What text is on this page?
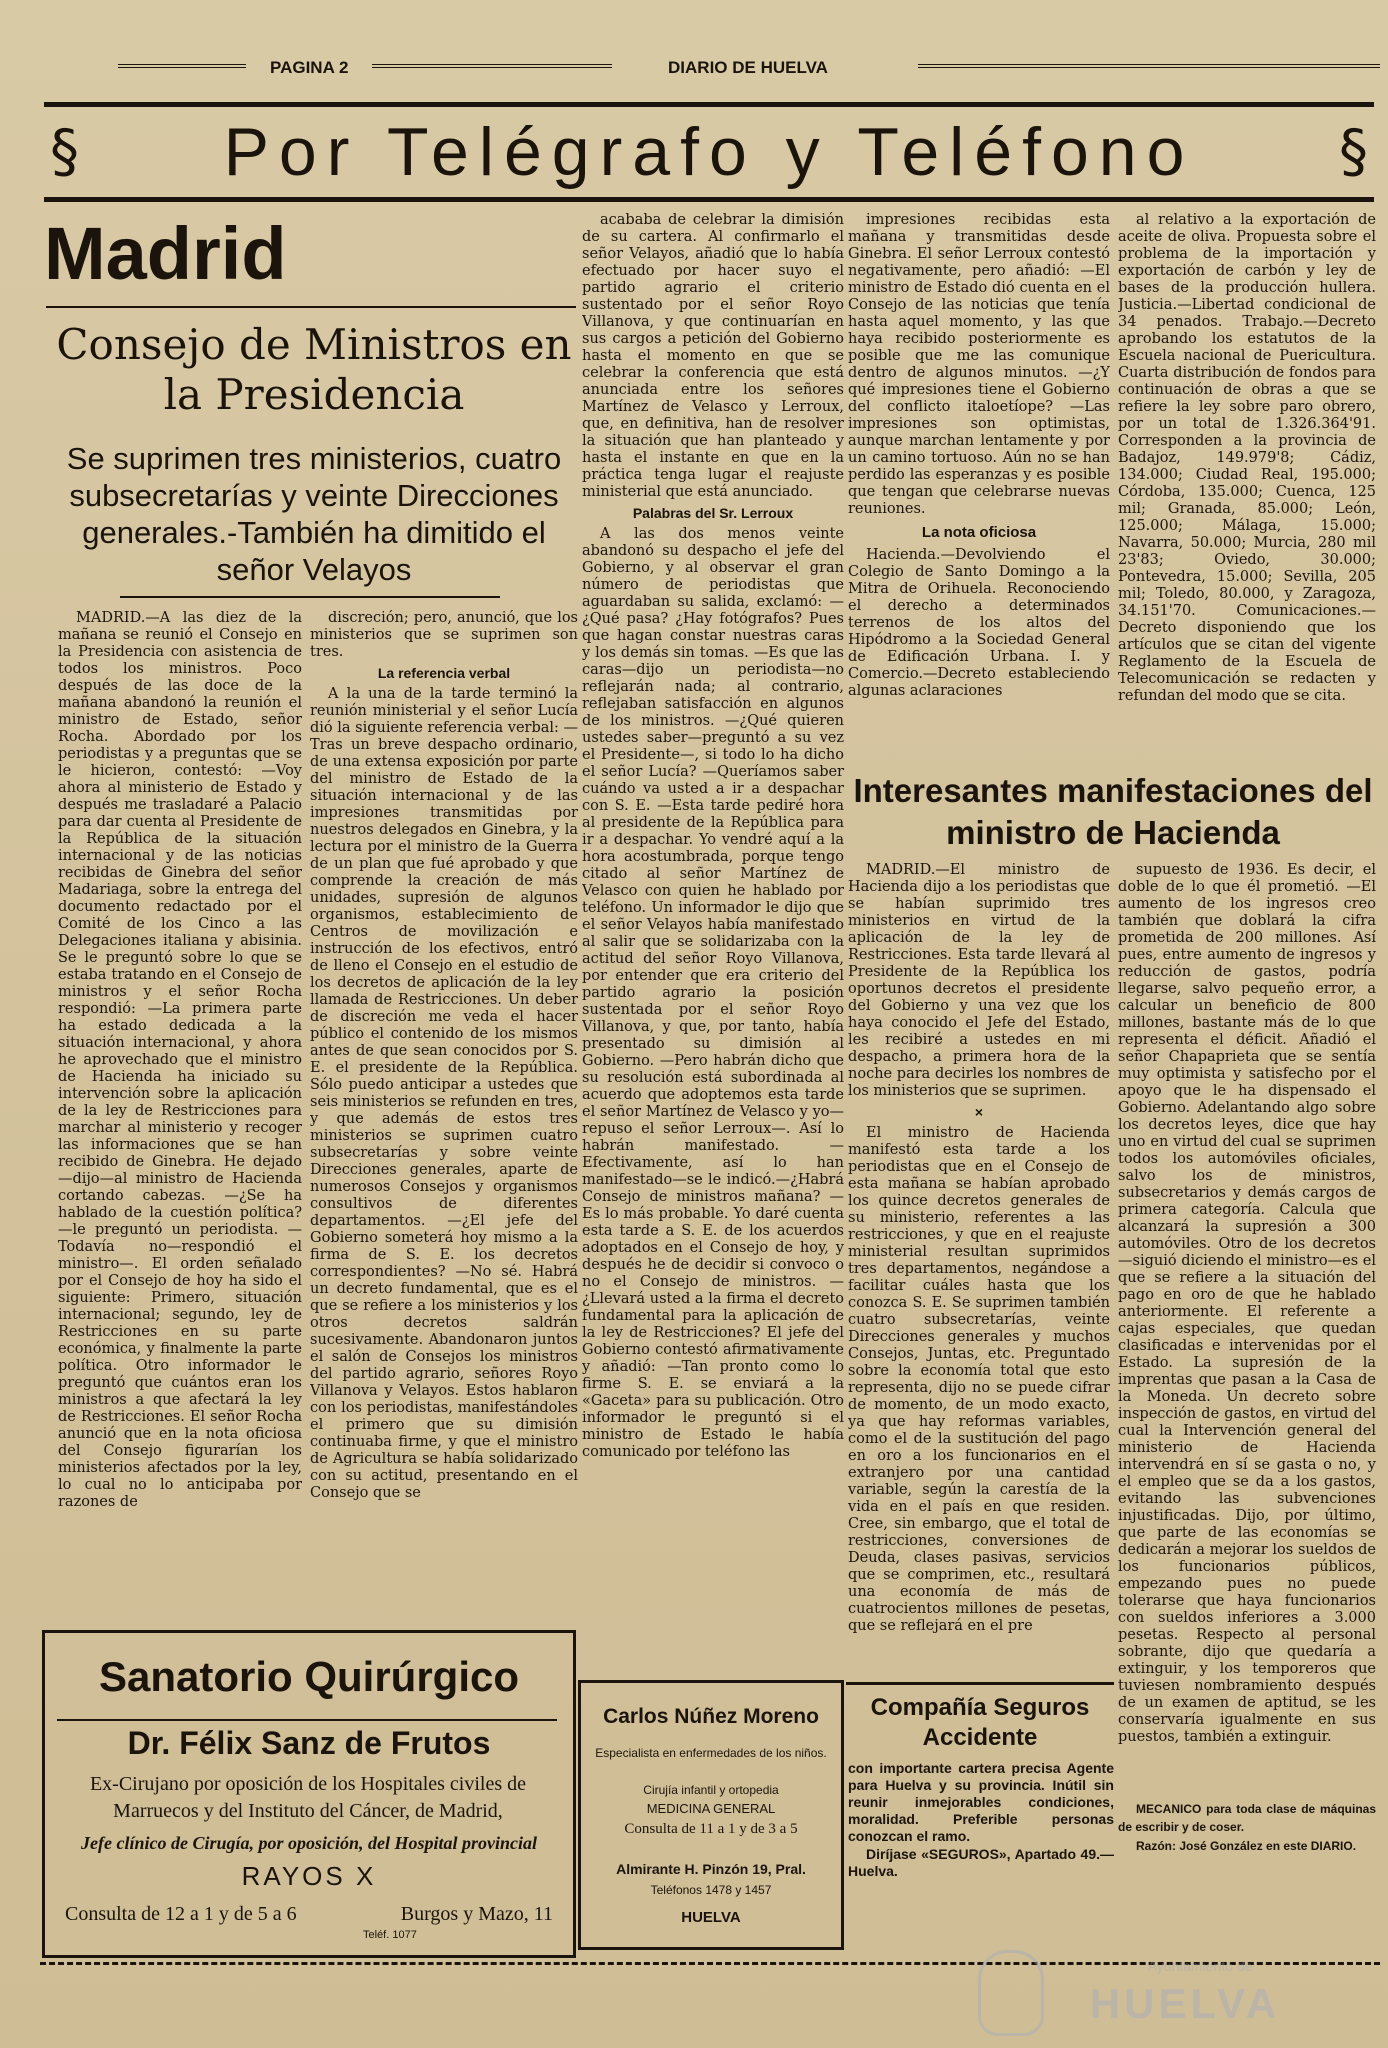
PAGINA 2	DIARIO DE HUELVA
§	Por Telégrafo y Teléfono	§
Madrid
Consejo de Ministros en la Presidencia
Se suprimen tres ministerios, cuatro subsecretarías y veinte Direcciones generales.-También ha dimitido el señor Velayos

MADRID.—A las diez de la mañana se reunió el Consejo en la Presidencia con asistencia de todos los ministros. Poco después de las doce de la mañana abandonó la reunión el ministro de Estado, señor Rocha. Abordado por los periodistas y a preguntas que se le hicieron, contestó: —Voy ahora al ministerio de Estado y después me trasladaré a Palacio para dar cuenta al Presidente de la República de la situación internacional y de las noticias recibidas de Ginebra del señor Madariaga, sobre la entrega del documento redactado por el Comité de los Cinco a las Delegaciones italiana y abisinia. Se le preguntó sobre lo que se estaba tratando en el Consejo de ministros y el señor Rocha respondió: —La primera parte ha estado dedicada a la situación internacional, y ahora he aprovechado que el ministro de Hacienda ha iniciado su intervención sobre la aplicación de la ley de Restricciones para marchar al ministerio y recoger las informaciones que se han recibido de Ginebra. He dejado—dijo—al ministro de Hacienda cortando cabezas. —¿Se ha hablado de la cuestión política?—le preguntó un periodista. —Todavía no—respondió el ministro—. El orden señalado por el Consejo de hoy ha sido el siguiente: Primero, situación internacional; segundo, ley de Restricciones en su parte económica, y finalmente la parte política. Otro informador le preguntó que cuántos eran los ministros a que afectará la ley de Restricciones. El señor Rocha anunció que en la nota oficiosa del Consejo figurarían los ministerios afectados por la ley, lo cual no lo anticipaba por razones de

discreción; pero, anunció, que los ministerios que se suprimen son tres.

La referencia verbal

A la una de la tarde terminó la reunión ministerial y el señor Lucía dió la siguiente referencia verbal: —Tras un breve despacho ordinario, de una extensa exposición por parte del ministro de Estado de la situación internacional y de las impresiones transmitidas por nuestros delegados en Ginebra, y la lectura por el ministro de la Guerra de un plan que fué aprobado y que comprende la creación de más unidades, supresión de algunos organismos, establecimiento de Centros de movilización e instrucción de los efectivos, entró de lleno el Consejo en el estudio de los decretos de aplicación de la ley llamada de Restricciones. Un deber de discreción me veda el hacer público el contenido de los mismos antes de que sean conocidos por S. E. el presidente de la República. Sólo puedo anticipar a ustedes que seis ministerios se refunden en tres, y que además de estos tres ministerios se suprimen cuatro subsecretarías y sobre veinte Direcciones generales, aparte de numerosos Consejos y organismos consultivos de diferentes departamentos. —¿El jefe del Gobierno someterá hoy mismo a la firma de S. E. los decretos correspondientes? —No sé. Habrá un decreto fundamental, que es el que se refiere a los ministerios y los otros decretos saldrán sucesivamente. Abandonaron juntos el salón de Consejos los ministros del partido agrario, señores Royo Villanova y Velayos. Estos hablaron con los periodistas, manifestándoles el primero que su dimisión continuaba firme, y que el ministro de Agricultura se había solidarizado con su actitud, presentando en el Consejo que se

acababa de celebrar la dimisión de su cartera. Al confirmarlo el señor Velayos, añadió que lo había efectuado por hacer suyo el partido agrario el criterio sustentado por el señor Royo Villanova, y que continuarían en sus cargos a petición del Gobierno hasta el momento en que se celebrar la conferencia que está anunciada entre los señores Martínez de Velasco y Lerroux, que, en definitiva, han de resolver la situación que han planteado y hasta el instante en que en la práctica tenga lugar el reajuste ministerial que está anunciado.

Palabras del Sr. Lerroux

A las dos menos veinte abandonó su despacho el jefe del Gobierno, y al observar el gran número de periodistas que aguardaban su salida, exclamó: —¿Qué pasa? ¿Hay fotógrafos? Pues que hagan constar nuestras caras y los demás sin tomas. —Es que las caras—dijo un periodista—no reflejarán nada; al contrario, reflejaban satisfacción en algunos de los ministros. —¿Qué quieren ustedes saber—preguntó a su vez el Presidente—, si todo lo ha dicho el señor Lucía? —Queríamos saber cuándo va usted a ir a despachar con S. E. —Esta tarde pediré hora al presidente de la República para ir a despachar. Yo vendré aquí a la hora acostumbrada, porque tengo citado al señor Martínez de Velasco con quien he hablado por teléfono. Un informador le dijo que el señor Velayos había manifestado al salir que se solidarizaba con la actitud del señor Royo Villanova, por entender que era criterio del partido agrario la posición sustentada por el señor Royo Villanova, y que, por tanto, había presentado su dimisión al Gobierno. —Pero habrán dicho que su resolución está subordinada al acuerdo que adoptemos esta tarde el señor Martínez de Velasco y yo—repuso el señor Lerroux—. Así lo habrán manifestado. —Efectivamente, así lo han manifestado—se le indicó.—¿Habrá Consejo de ministros mañana? —Es lo más probable. Yo daré cuenta esta tarde a S. E. de los acuerdos adoptados en el Consejo de hoy, y después he de decidir si convoco o no el Consejo de ministros. —¿Llevará usted a la firma el decreto fundamental para la aplicación de la ley de Restricciones? El jefe del Gobierno contestó afirmativamente y añadió: —Tan pronto como lo firme S. E. se enviará a la «Gaceta» para su publicación. Otro informador le preguntó si el ministro de Estado le había comunicado por teléfono las

impresiones recibidas esta mañana y transmitidas desde Ginebra. El señor Lerroux contestó negativamente, pero añadió: —El ministro de Estado dió cuenta en el Consejo de las noticias que tenía hasta aquel momento, y las que haya recibido posteriormente es posible que me las comunique dentro de algunos minutos. —¿Y qué impresiones tiene el Gobierno del conflicto italoetíope? —Las impresiones son optimistas, aunque marchan lentamente y por un camino tortuoso. Aún no se han perdido las esperanzas y es posible que tengan que celebrarse nuevas reuniones.

La nota oficiosa

Hacienda.—Devolviendo el Colegio de Santo Domingo a la Mitra de Orihuela. Reconociendo el derecho a determinados terrenos de los altos del Hipódromo a la Sociedad General de Edificación Urbana. I. y Comercio.—Decreto estableciendo algunas aclaraciones

al relativo a la exportación de aceite de oliva. Propuesta sobre el problema de la importación y exportación de carbón y ley de bases de la producción hullera. Justicia.—Libertad condicional de 34 penados. Trabajo.—Decreto aprobando los estatutos de la Escuela nacional de Puericultura. Cuarta distribución de fondos para continuación de obras a que se refiere la ley sobre paro obrero, por un total de 1.326.364'91. Corresponden a la provincia de Badajoz, 149.979'8; Cádiz, 134.000; Ciudad Real, 195.000; Córdoba, 135.000; Cuenca, 125 mil; Granada, 85.000; León, 125.000; Málaga, 15.000; Navarra, 50.000; Murcia, 280 mil 23'83; Oviedo, 30.000; Pontevedra, 15.000; Sevilla, 205 mil; Toledo, 80.000, y Zaragoza, 34.151'70. Comunicaciones.—Decreto disponiendo que los artículos que se citan del vigente Reglamento de la Escuela de Telecomunicación se redacten y refundan del modo que se cita.

Interesantes manifestaciones del ministro de Hacienda

MADRID.—El ministro de Hacienda dijo a los periodistas que se habían suprimido tres ministerios en virtud de la aplicación de la ley de Restricciones. Esta tarde llevará al Presidente de la República los oportunos decretos el presidente del Gobierno y una vez que los haya conocido el Jefe del Estado, les recibiré a ustedes en mi despacho, a primera hora de la noche para decirles los nombres de los ministerios que se suprimen.

×

El ministro de Hacienda manifestó esta tarde a los periodistas que en el Consejo de esta mañana se habían aprobado los quince decretos generales de su ministerio, referentes a las restricciones, y que en el reajuste ministerial resultan suprimidos tres departamentos, negándose a facilitar cuáles hasta que los conozca S. E. Se suprimen también cuatro subsecretarías, veinte Direcciones generales y muchos Consejos, Juntas, etc. Preguntado sobre la economía total que esto representa, dijo no se puede cifrar de momento, de un modo exacto, ya que hay reformas variables, como el de la sustitución del pago en oro a los funcionarios en el extranjero por una cantidad variable, según la carestía de la vida en el país en que residen. Cree, sin embargo, que el total de restricciones, conversiones de Deuda, clases pasivas, servicios que se comprimen, etc., resultará una economía de más de cuatrocientos millones de pesetas, que se reflejará en el pre

supuesto de 1936. Es decir, el doble de lo que él prometió. —El aumento de los ingresos creo también que doblará la cifra prometida de 200 millones. Así pues, entre aumento de ingresos y reducción de gastos, podría llegarse, salvo pequeño error, a calcular un beneficio de 800 millones, bastante más de lo que representa el déficit. Añadió el señor Chapaprieta que se sentía muy optimista y satisfecho por el apoyo que le ha dispensado el Gobierno. Adelantando algo sobre los decretos leyes, dice que hay uno en virtud del cual se suprimen todos los automóviles oficiales, salvo los de ministros, subsecretarios y demás cargos de primera categoría. Calcula que alcanzará la supresión a 300 automóviles. Otro de los decretos—siguió diciendo el ministro—es el que se refiere a la situación del pago en oro de que he hablado anteriormente. El referente a cajas especiales, que quedan clasificadas e intervenidas por el Estado. La supresión de la imprentas que pasan a la Casa de la Moneda. Un decreto sobre inspección de gastos, en virtud del cual la Intervención general del ministerio de Hacienda intervendrá en sí se gasta o no, y el empleo que se da a los gastos, evitando las subvenciones injustificadas. Dijo, por último, que parte de las economías se dedicarán a mejorar los sueldos de los funcionarios públicos, empezando pues no puede tolerarse que haya funcionarios con sueldos inferiores a 3.000 pesetas. Respecto al personal sobrante, dijo que quedaría a extinguir, y los temporeros que tuviesen nombramiento después de un examen de aptitud, se les conservaría igualmente en sus puestos, también a extinguir.

Sanatorio Quirúrgico
Dr. Félix Sanz de Frutos
Ex-Cirujano por oposición de los Hospitales civiles de Marruecos y del Instituto del Cáncer, de Madrid,
Jefe clínico de Cirugía, por oposición, del Hospital provincial
RAYOS X
Consulta de 12 a 1 y de 5 a 6	Burgos y Mazo, 11
Teléf. 1077
Carlos Núñez Moreno
Especialista en enfermedades de los niños.
Cirujía infantil y ortopedia
MEDICINA GENERAL
Consulta de 11 a 1 y de 3 a 5
Almirante H. Pinzón 19, Pral.
Teléfonos 1478 y 1457
HUELVA
Compañía Seguros Accidente

con importante cartera precisa Agente para Huelva y su provincia. Inútil sin reunir inmejorables condiciones, moralidad. Preferible personas conozcan el ramo.

Diríjase «SEGUROS», Apartado 49.—Huelva.

MECANICO para toda clase de máquinas de escribir y de coser.

Razón: José González en este DIARIO.

Ayuntamiento de
HUELVA
